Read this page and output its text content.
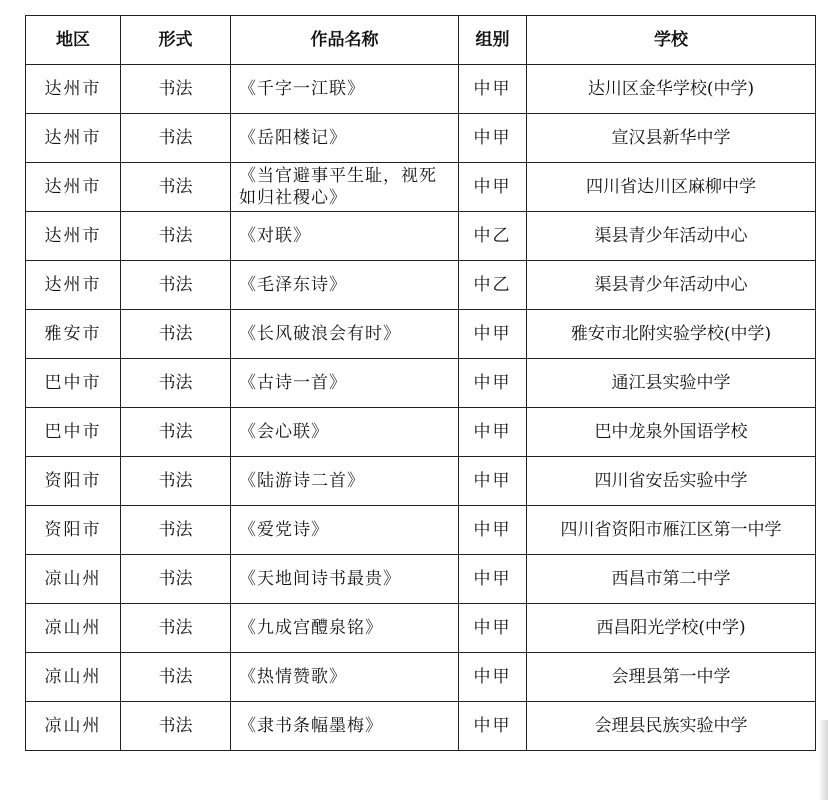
地区	形式	作品名称	组别	学校
达州市	书法	《千字一江联》	中甲	达川区金华学校(中学)
达州市	书法	《岳阳楼记》	中甲	宣汉县新华中学
达州市	书法	《当官避事平生耻，视死如归社稷心》	中甲	四川省达川区麻柳中学
达州市	书法	《对联》	中乙	渠县青少年活动中心
达州市	书法	《毛泽东诗》	中乙	渠县青少年活动中心
雅安市	书法	《长风破浪会有时》	中甲	雅安市北附实验学校(中学)
巴中市	书法	《古诗一首》	中甲	通江县实验中学
巴中市	书法	《会心联》	中甲	巴中龙泉外国语学校
资阳市	书法	《陆游诗二首》	中甲	四川省安岳实验中学
资阳市	书法	《爱党诗》	中甲	四川省资阳市雁江区第一中学
凉山州	书法	《天地间诗书最贵》	中甲	西昌市第二中学
凉山州	书法	《九成宫醴泉铭》	中甲	西昌阳光学校(中学)
凉山州	书法	《热情赞歌》	中甲	会理县第一中学
凉山州	书法	《隶书条幅墨梅》	中甲	会理县民族实验中学
